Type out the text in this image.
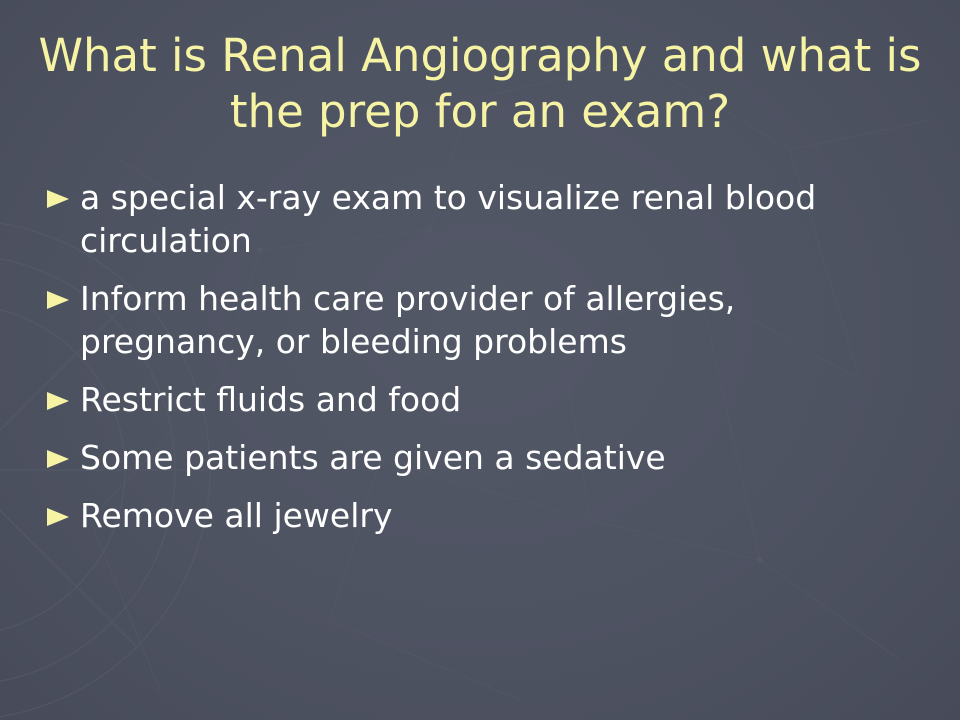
What is Renal Angiography and what is the prep for an exam?
a special x-ray exam to visualize renal blood circulation
Inform health care provider of allergies, pregnancy, or bleeding problems
Restrict fluids and food
Some patients are given a sedative
Remove all jewelry
